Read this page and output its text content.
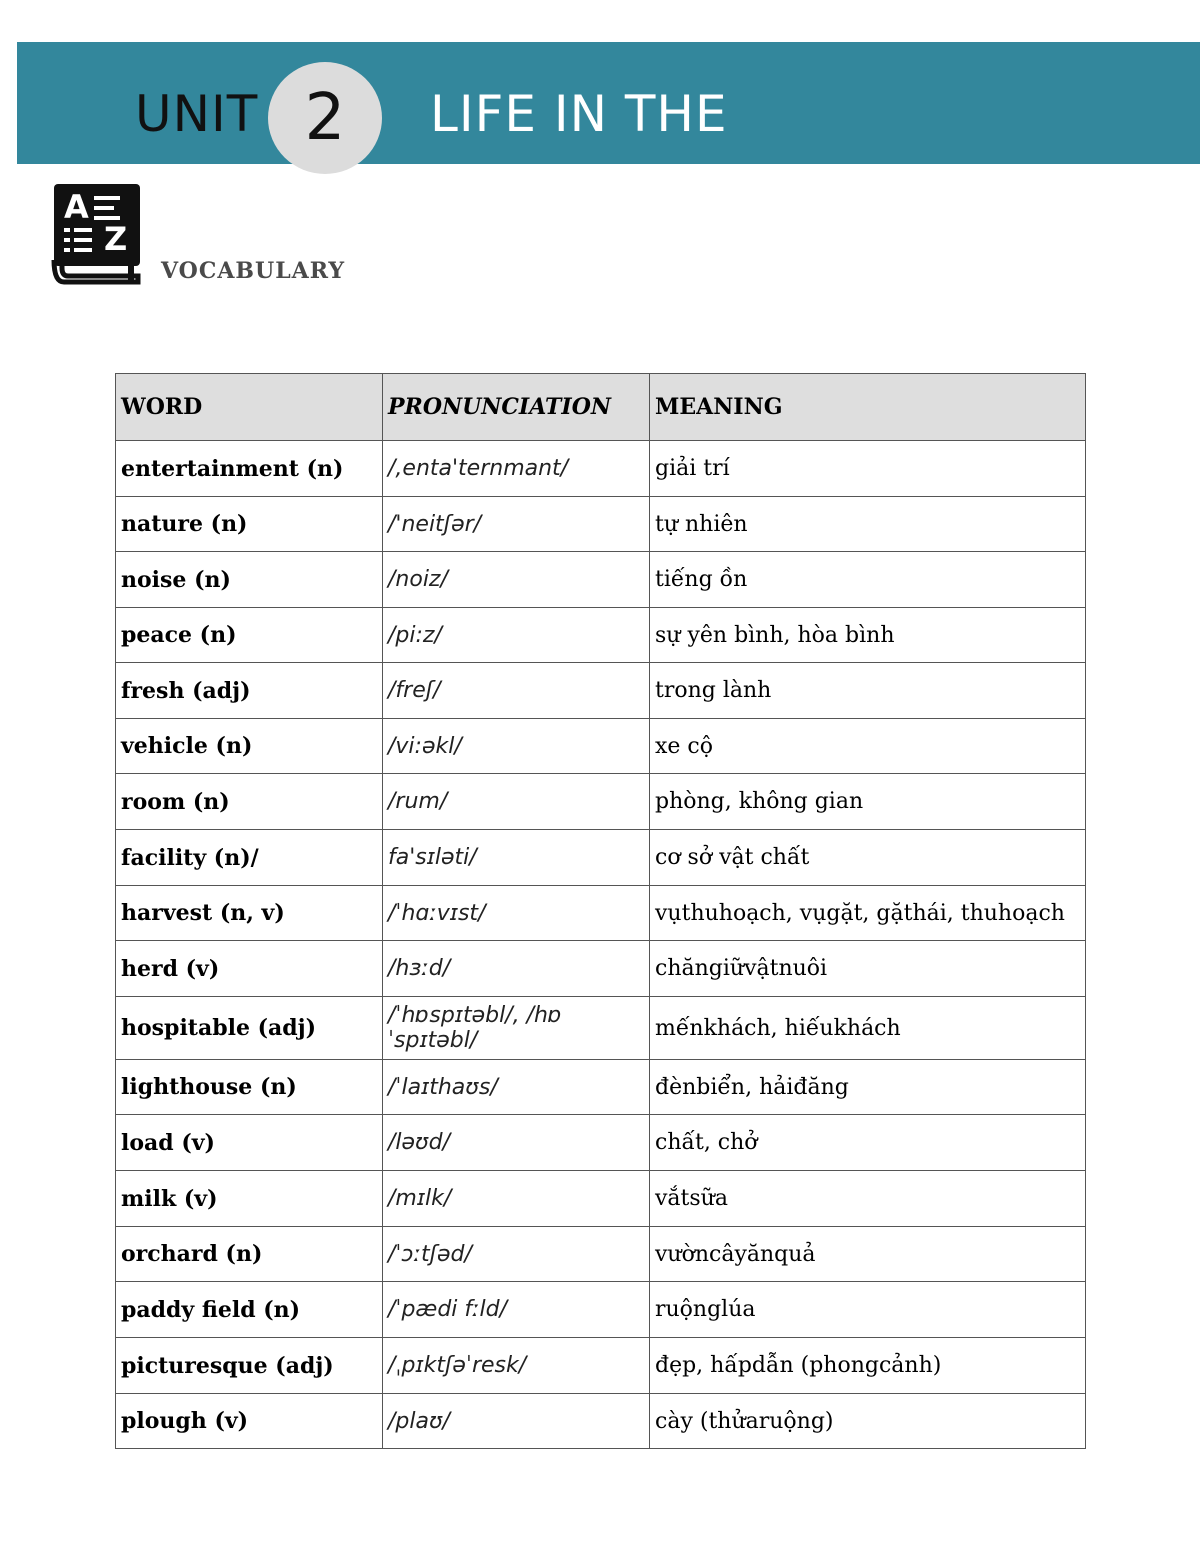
UNIT 2 LIFE IN THE
A
Z
VOCABULARY
WORD	PRONUNCIATION	MEANING
entertainment (n)	/,enta'ternmant/	giải trí
nature (n)	/'neitʃər/	tự nhiên
noise (n)	/noiz/	tiếng ồn
peace (n)	/pi:z/	sự yên bình, hòa bình
fresh (adj)	/freʃ/	trong lành
vehicle (n)	/vi:əkl/	xe cộ
room (n)	/rum/	phòng, không gian
facility (n)/	fa'sɪləti/	cơ sở vật chất
harvest (n, v)	/ˈhɑːvɪst/	vụthuhoạch, vụgặt, gặthái, thuhoạch
herd (v)	/hɜːd/	chăngiữvậtnuôi
hospitable (adj)	/ˈhɒspɪtəbl/, /hɒˈspɪtəbl/	mếnkhách, hiếukhách
lighthouse (n)	/ˈlaɪthaʊs/	đènbiển, hảiđăng
load (v)	/ləʊd/	chất, chở
milk (v)	/mɪlk/	vắtsữa
orchard (n)	/ˈɔːtʃəd/	vườncâyănquả
paddy field (n)	/ˈpædi fːld/	ruộnglúa
picturesque (adj)	/ˌpɪktʃəˈresk/	đẹp, hấpdẫn (phongcảnh)
plough (v)	/plaʊ/	cày (thửaruộng)
